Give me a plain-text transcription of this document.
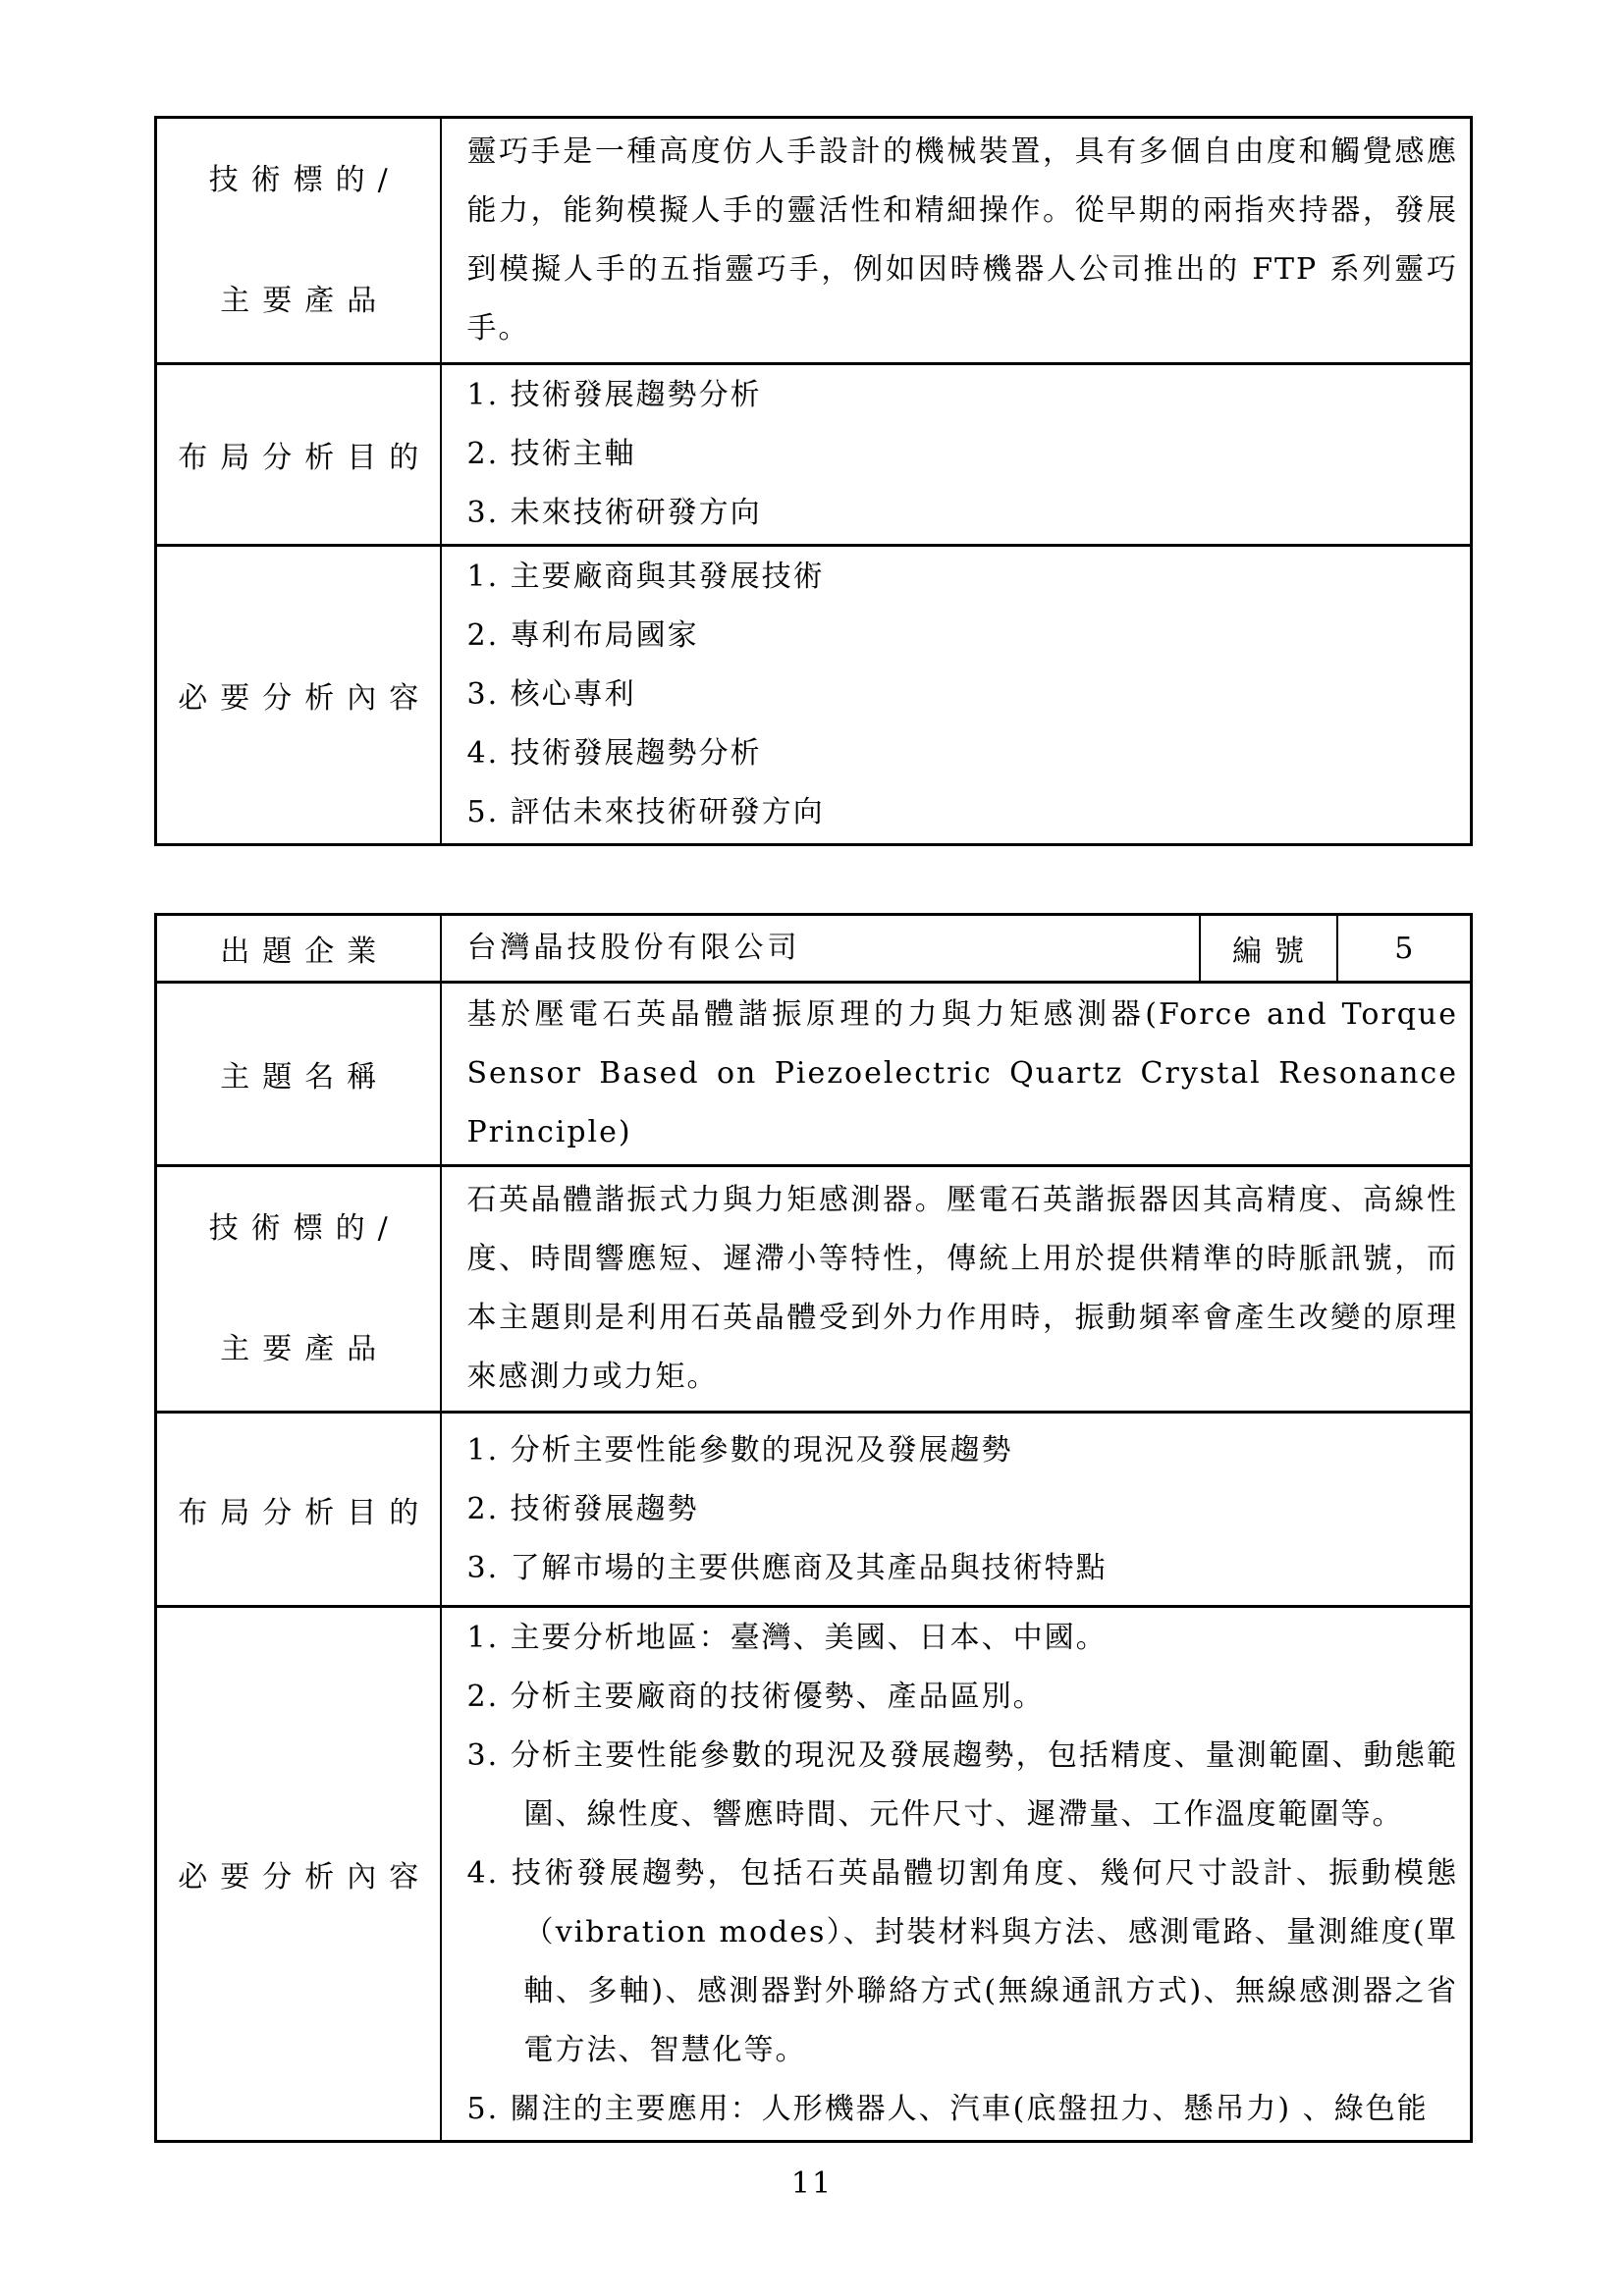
技術標的/
主要產品	靈巧手是一種高度仿人手設計的機械裝置，具有多個自由度和觸覺感應能力，能夠模擬人手的靈活性和精細操作。從早期的兩指夾持器，發展到模擬人手的五指靈巧手，例如因時機器人公司推出的 FTP 系列靈巧手。

布局分析目的	1. 技術發展趨勢分析
2. 技術主軸
3. 未來技術研發方向

必要分析內容	1. 主要廠商與其發展技術
2. 專利布局國家
3. 核心專利
4. 技術發展趨勢分析
5. 評估未來技術研發方向
出題企業	台灣晶技股份有限公司	編號	5
主題名稱	基於壓電石英晶體諧振原理的力與力矩感測器(Force and Torque Sensor Based on Piezoelectric Quartz Crystal Resonance Principle)		

技術標的/
主要產品	石英晶體諧振式力與力矩感測器。壓電石英諧振器因其高精度、高線性度、時間響應短、遲滯小等特性，傳統上用於提供精準的時脈訊號，而本主題則是利用石英晶體受到外力作用時，振動頻率會產生改變的原理來感測力或力矩。		

布局分析目的	1. 分析主要性能參數的現況及發展趨勢
2. 技術發展趨勢
3. 了解市場的主要供應商及其產品與技術特點		

必要分析內容	1. 主要分析地區：臺灣、美國、日本、中國。
2. 分析主要廠商的技術優勢、產品區別。
3. 分析主要性能參數的現況及發展趨勢，包括精度、量測範圍、動態範圍、線性度、響應時間、元件尺寸、遲滯量、工作溫度範圍等。
4. 技術發展趨勢，包括石英晶體切割角度、幾何尺寸設計、振動模態（vibration modes）、封裝材料與方法、感測電路、量測維度(單軸、多軸)、感測器對外聯絡方式(無線通訊方式)、無線感測器之省電方法、智慧化等。
5. 關注的主要應用：人形機器人、汽車(底盤扭力、懸吊力) 、綠色能		
11
